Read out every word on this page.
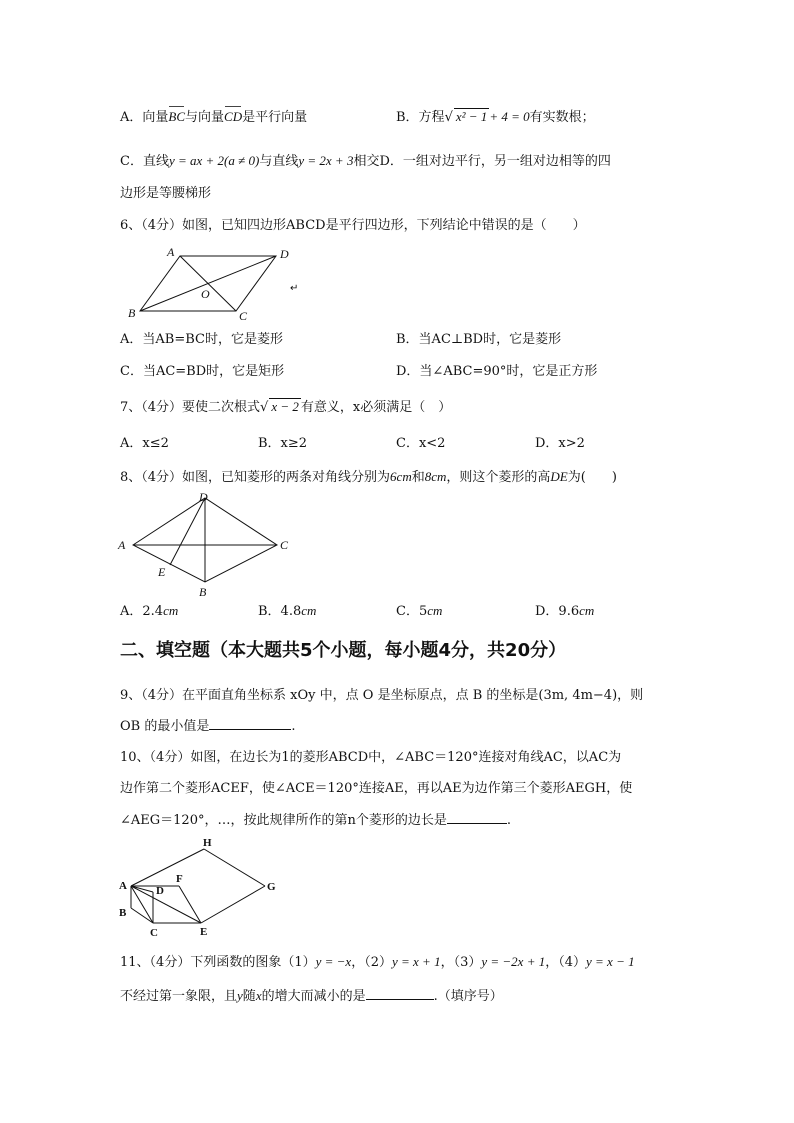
A．向量BC与向量CD是平行向量	B．方程√ x² − 1 + 4 = 0有实数根；
C．直线y = ax + 2(a ≠ 0)与直线y = 2x + 3相交D．一组对边平行，另一组对边相等的四
边形是等腰梯形
6、（4分）如图，已知四边形ABCD是平行四边形，下列结论中错误的是（　　）
A	D
B	C
O	↵
A．当AB=BC时，它是菱形	B．当AC⊥BD时，它是菱形
C．当AC=BD时，它是矩形	D．当∠ABC=90°时，它是正方形
7、（4分）要使二次根式√ x − 2 有意义，x必须满足（　）
A．x≤2	B．x≥2	C．x<2	D．x>2
8、（4分）如图，已知菱形的两条对角线分别为6cm和8cm，则这个菱形的高DE为(　　)
D
A	C
E
B
A．2.4cm	B．4.8cm	C．5cm	D．9.6cm
二、填空题（本大题共5个小题，每小题4分，共20分）
9、（4分）在平面直角坐标系 xOy 中，点 O 是坐标原点，点 B 的坐标是(3m, 4m−4)，则
OB 的最小值是	.
10、（4分）如图，在边长为1的菱形ABCD中，∠ABC＝120°连接对角线AC，以AC为
边作第二个菱形ACEF，使∠ACE＝120°连接AE，再以AE为边作第三个菱形AEGH，使
∠AEG＝120°，…，按此规律所作的第n个菱形的边长是	.
H
A
F
D	G
B
C	E
11、（4分）下列函数的图象（1）y = −x，（2）y = x + 1，（3）y = −2x + 1，（4）y = x − 1
不经过第一象限，且y随x的增大而减小的是	.（填序号）
